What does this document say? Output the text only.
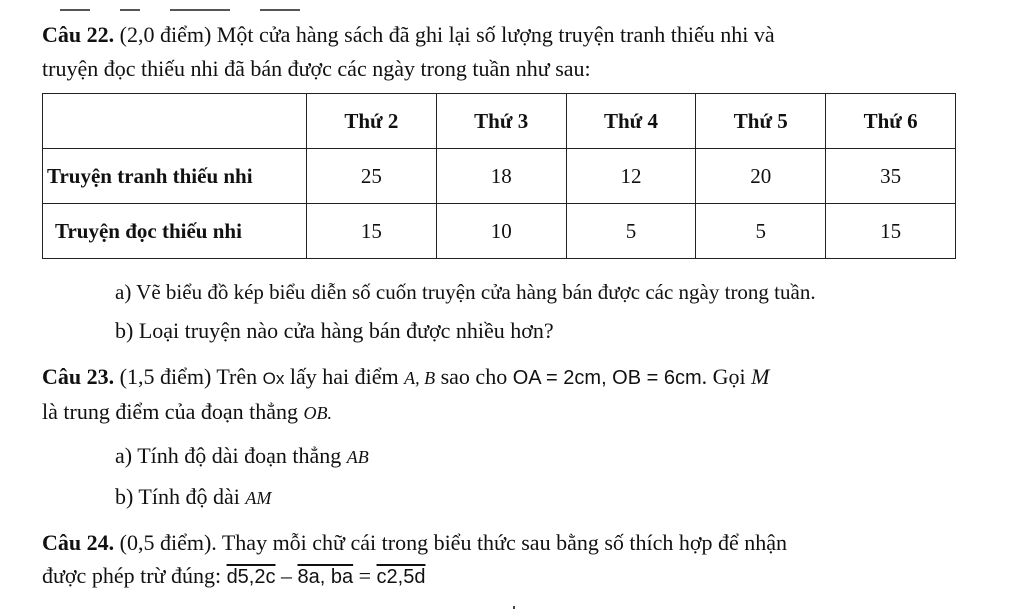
Câu 22. (2,0 điểm) Một cửa hàng sách đã ghi lại số lượng truyện tranh thiếu nhi và
truyện đọc thiếu nhi đã bán được các ngày trong tuần như sau:
	Thứ 2	Thứ 3	Thứ 4	Thứ 5	Thứ 6
Truyện tranh thiếu nhi	25	18	12	20	35
Truyện đọc thiếu nhi	15	10	5	5	15
a) Vẽ biểu đồ kép biểu diễn số cuốn truyện cửa hàng bán được các ngày trong tuần.
b) Loại truyện nào cửa hàng bán được nhiều hơn?
Câu 23. (1,5 điểm) Trên Ox lấy hai điểm A, B sao cho OA = 2cm, OB = 6cm. Gọi M
là trung điểm của đoạn thẳng OB.
a) Tính độ dài đoạn thẳng AB
b) Tính độ dài AM
Câu 24. (0,5 điểm). Thay mỗi chữ cái trong biểu thức sau bằng số thích hợp để nhận
được phép trừ đúng: d5,2c – 8a, ba = c2,5d
